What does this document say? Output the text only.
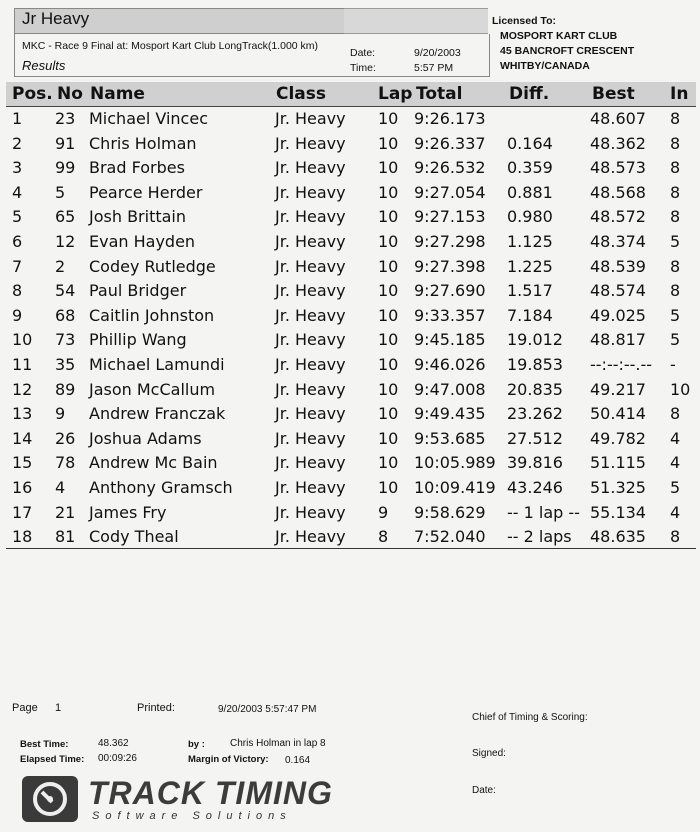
Jr Heavy
MKC - Race 9 Final at: Mosport Kart Club LongTrack(1.000 km)
Results
Date:	9/20/2003
Time:	5:57 PM
Licensed To:
MOSPORT KART CLUB
45 BANCROFT CRESCENT
WHITBY/CANADA
Pos. No Name	Class	Lap Total	Diff.	Best In
1 23 Michael Vincec	Jr. Heavy 10 9:26.173	48.607 8
2 91 Chris Holman	Jr. Heavy 10 9:26.337 0.164 48.362 8
3 99 Brad Forbes	Jr. Heavy 10 9:26.532 0.359 48.573 8
4 5 Pearce Herder	Jr. Heavy 10 9:27.054 0.881 48.568 8
5 65 Josh Brittain	Jr. Heavy 10 9:27.153 0.980 48.572 8
6 12 Evan Hayden	Jr. Heavy 10 9:27.298 1.125 48.374 5
7 2 Codey Rutledge	Jr. Heavy 10 9:27.398 1.225 48.539 8
8 54 Paul Bridger	Jr. Heavy 10 9:27.690 1.517 48.574 8
9 68 Caitlin Johnston	Jr. Heavy 10 9:33.357 7.184 49.025 5
10 73 Phillip Wang	Jr. Heavy 10 9:45.185 19.012 48.817 5
11 35 Michael Lamundi	Jr. Heavy 10 9:46.026 19.853 --:--:--.-- -
12 89 Jason McCallum	Jr. Heavy 10 9:47.008 20.835 49.217 10
13 9 Andrew Franczak	Jr. Heavy 10 9:49.435 23.262 50.414 8
14 26 Joshua Adams	Jr. Heavy 10 9:53.685 27.512 49.782 4
15 78 Andrew Mc Bain	Jr. Heavy 10 10:05.989 39.816 51.115 4
16 4 Anthony Gramsch	Jr. Heavy 10 10:09.419 43.246 51.325 5
17 21 James Fry	Jr. Heavy 9 9:58.629 -- 1 lap -- 55.134 4
18 81 Cody Theal	Jr. Heavy 8 7:52.040 -- 2 laps 48.635 8
Page 1	Printed:	9/20/2003 5:57:47 PM
Best Time:	48.362	by :	Chris Holman in lap 8
Elapsed Time: 00:09:26	Margin of Victory: 0.164
Chief of Timing & Scoring:
Signed:
Date:
TRACK TIMING
Software Solutions
